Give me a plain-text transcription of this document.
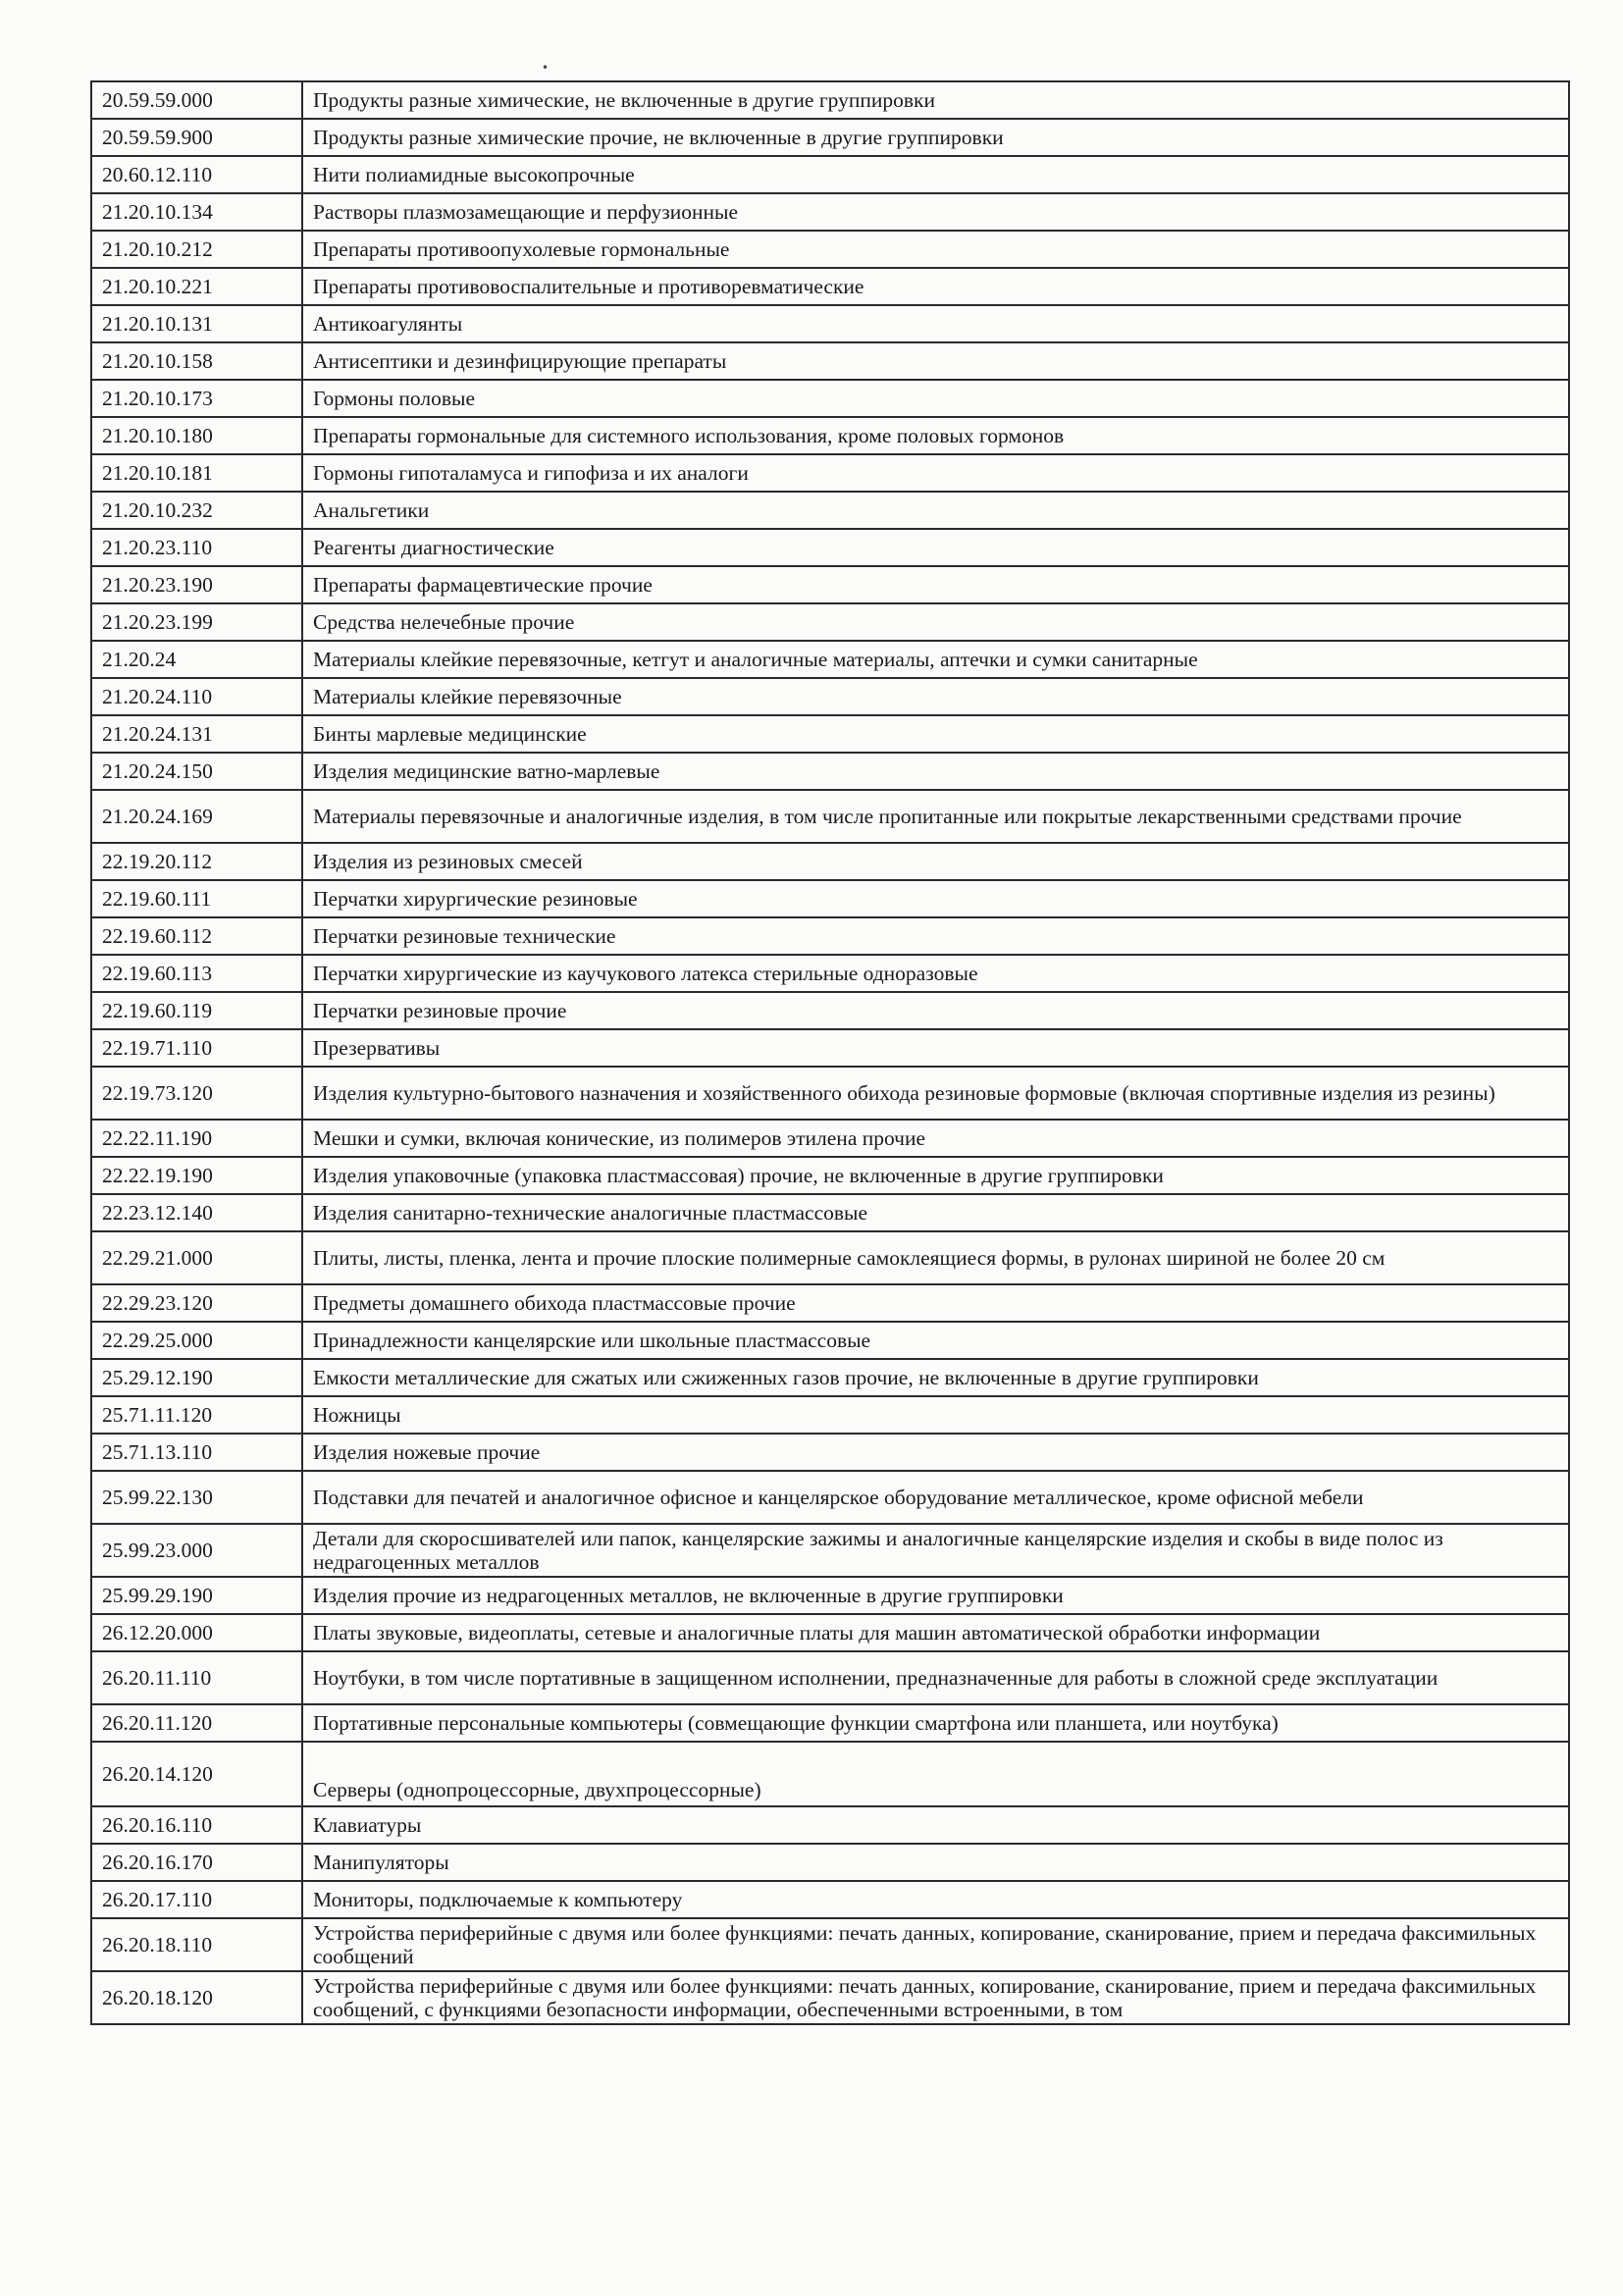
20.59.59.000	Продукты разные химические, не включенные в другие группировки
20.59.59.900	Продукты разные химические прочие, не включенные в другие группировки
20.60.12.110	Нити полиамидные высокопрочные
21.20.10.134	Растворы плазмозамещающие и перфузионные
21.20.10.212	Препараты противоопухолевые гормональные
21.20.10.221	Препараты противовоспалительные и противоревматические
21.20.10.131	Антикоагулянты
21.20.10.158	Антисептики и дезинфицирующие препараты
21.20.10.173	Гормоны половые
21.20.10.180	Препараты гормональные для системного использования, кроме половых гормонов
21.20.10.181	Гормоны гипоталамуса и гипофиза и их аналоги
21.20.10.232	Анальгетики
21.20.23.110	Реагенты диагностические
21.20.23.190	Препараты фармацевтические прочие
21.20.23.199	Средства нелечебные прочие
21.20.24	Материалы клейкие перевязочные, кетгут и аналогичные материалы, аптечки и сумки санитарные
21.20.24.110	Материалы клейкие перевязочные
21.20.24.131	Бинты марлевые медицинские
21.20.24.150	Изделия медицинские ватно-марлевые
21.20.24.169	Материалы перевязочные и аналогичные изделия, в том числе пропитанные или покрытые лекарственными средствами прочие
22.19.20.112	Изделия из резиновых смесей
22.19.60.111	Перчатки хирургические резиновые
22.19.60.112	Перчатки резиновые технические
22.19.60.113	Перчатки хирургические из каучукового латекса стерильные одноразовые
22.19.60.119	Перчатки резиновые прочие
22.19.71.110	Презервативы
22.19.73.120	Изделия культурно-бытового назначения и хозяйственного обихода резиновые формовые (включая спортивные изделия из резины)
22.22.11.190	Мешки и сумки, включая конические, из полимеров этилена прочие
22.22.19.190	Изделия упаковочные (упаковка пластмассовая) прочие, не включенные в другие группировки
22.23.12.140	Изделия санитарно-технические аналогичные пластмассовые
22.29.21.000	Плиты, листы, пленка, лента и прочие плоские полимерные самоклеящиеся формы, в рулонах шириной не более 20 см
22.29.23.120	Предметы домашнего обихода пластмассовые прочие
22.29.25.000	Принадлежности канцелярские или школьные пластмассовые
25.29.12.190	Емкости металлические для сжатых или сжиженных газов прочие, не включенные в другие группировки
25.71.11.120	Ножницы
25.71.13.110	Изделия ножевые прочие
25.99.22.130	Подставки для печатей и аналогичное офисное и канцелярское оборудование металлическое, кроме офисной мебели
25.99.23.000	Детали для скоросшивателей или папок, канцелярские зажимы и аналогичные канцелярские изделия и скобы в виде полос из недрагоценных металлов
25.99.29.190	Изделия прочие из недрагоценных металлов, не включенные в другие группировки
26.12.20.000	Платы звуковые, видеоплаты, сетевые и аналогичные платы для машин автоматической обработки информации
26.20.11.110	Ноутбуки, в том числе портативные в защищенном исполнении, предназначенные для работы в сложной среде эксплуатации
26.20.11.120	Портативные персональные компьютеры (совмещающие функции смартфона или планшета, или ноутбука)
26.20.14.120	Серверы (однопроцессорные, двухпроцессорные)
26.20.16.110	Клавиатуры
26.20.16.170	Манипуляторы
26.20.17.110	Мониторы, подключаемые к компьютеру
26.20.18.110	Устройства периферийные с двумя или более функциями: печать данных, копирование, сканирование, прием и передача факсимильных сообщений
26.20.18.120	Устройства периферийные с двумя или более функциями: печать данных, копирование, сканирование, прием и передача факсимильных сообщений, с функциями безопасности информации, обеспеченными встроенными, в том
•
